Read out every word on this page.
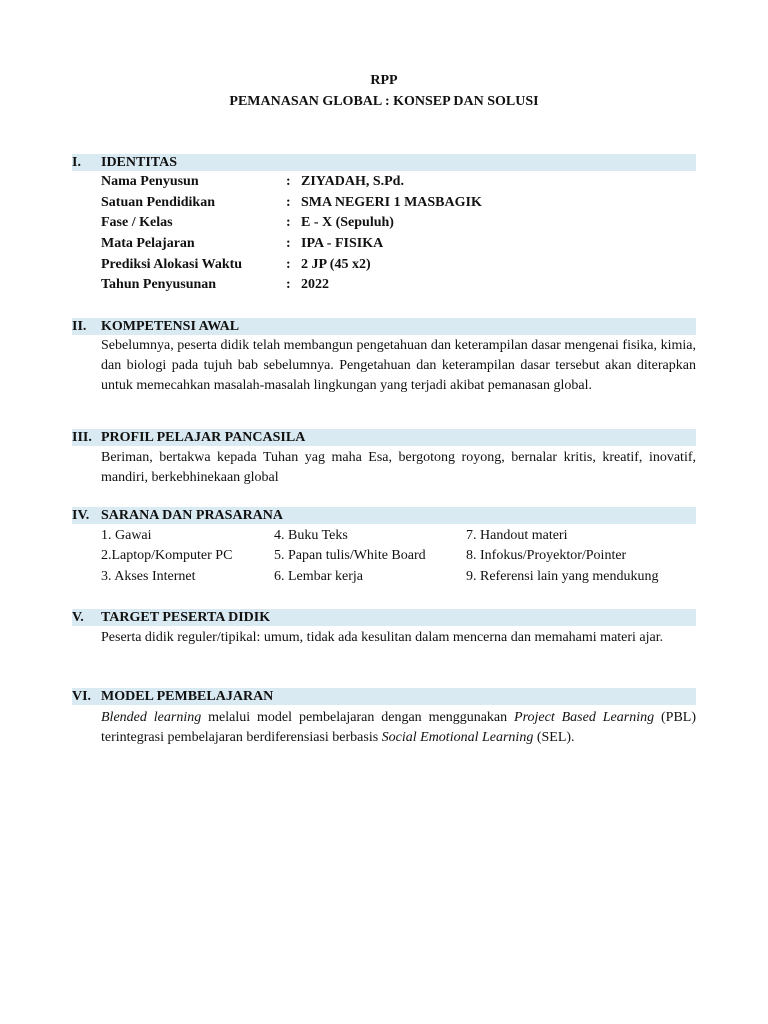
RPP
PEMANASAN GLOBAL : KONSEP DAN SOLUSI
I. IDENTITAS
Nama Penyusun	: ZIYADAH, S.Pd.
Satuan Pendidikan	: SMA NEGERI 1 MASBAGIK
Fase / Kelas	: E - X (Sepuluh)
Mata Pelajaran	: IPA - FISIKA
Prediksi Alokasi Waktu	: 2 JP (45 x2)
Tahun Penyusunan	: 2022
II. KOMPETENSI AWAL
Sebelumnya, peserta didik telah membangun pengetahuan dan keterampilan dasar mengenai fisika, kimia, dan biologi pada tujuh bab sebelumnya. Pengetahuan dan keterampilan dasar tersebut akan diterapkan untuk memecahkan masalah-masalah lingkungan yang terjadi akibat pemanasan global.
III. PROFIL PELAJAR PANCASILA
Beriman, bertakwa kepada Tuhan yag maha Esa, bergotong royong, bernalar kritis, kreatif, inovatif, mandiri, berkebhinekaan global
IV. SARANA DAN PRASARANA
1. Gawai	4. Buku Teks	7. Handout materi
2.Laptop/Komputer PC	5. Papan tulis/White Board	8. Infokus/Proyektor/Pointer
3. Akses Internet	6. Lembar kerja	9. Referensi lain yang mendukung
V. TARGET PESERTA DIDIK
Peserta didik reguler/tipikal: umum, tidak ada kesulitan dalam mencerna dan memahami materi ajar.
VI. MODEL PEMBELAJARAN
Blended learning melalui model pembelajaran dengan menggunakan Project Based Learning (PBL) terintegrasi pembelajaran berdiferensiasi berbasis Social Emotional Learning (SEL).
